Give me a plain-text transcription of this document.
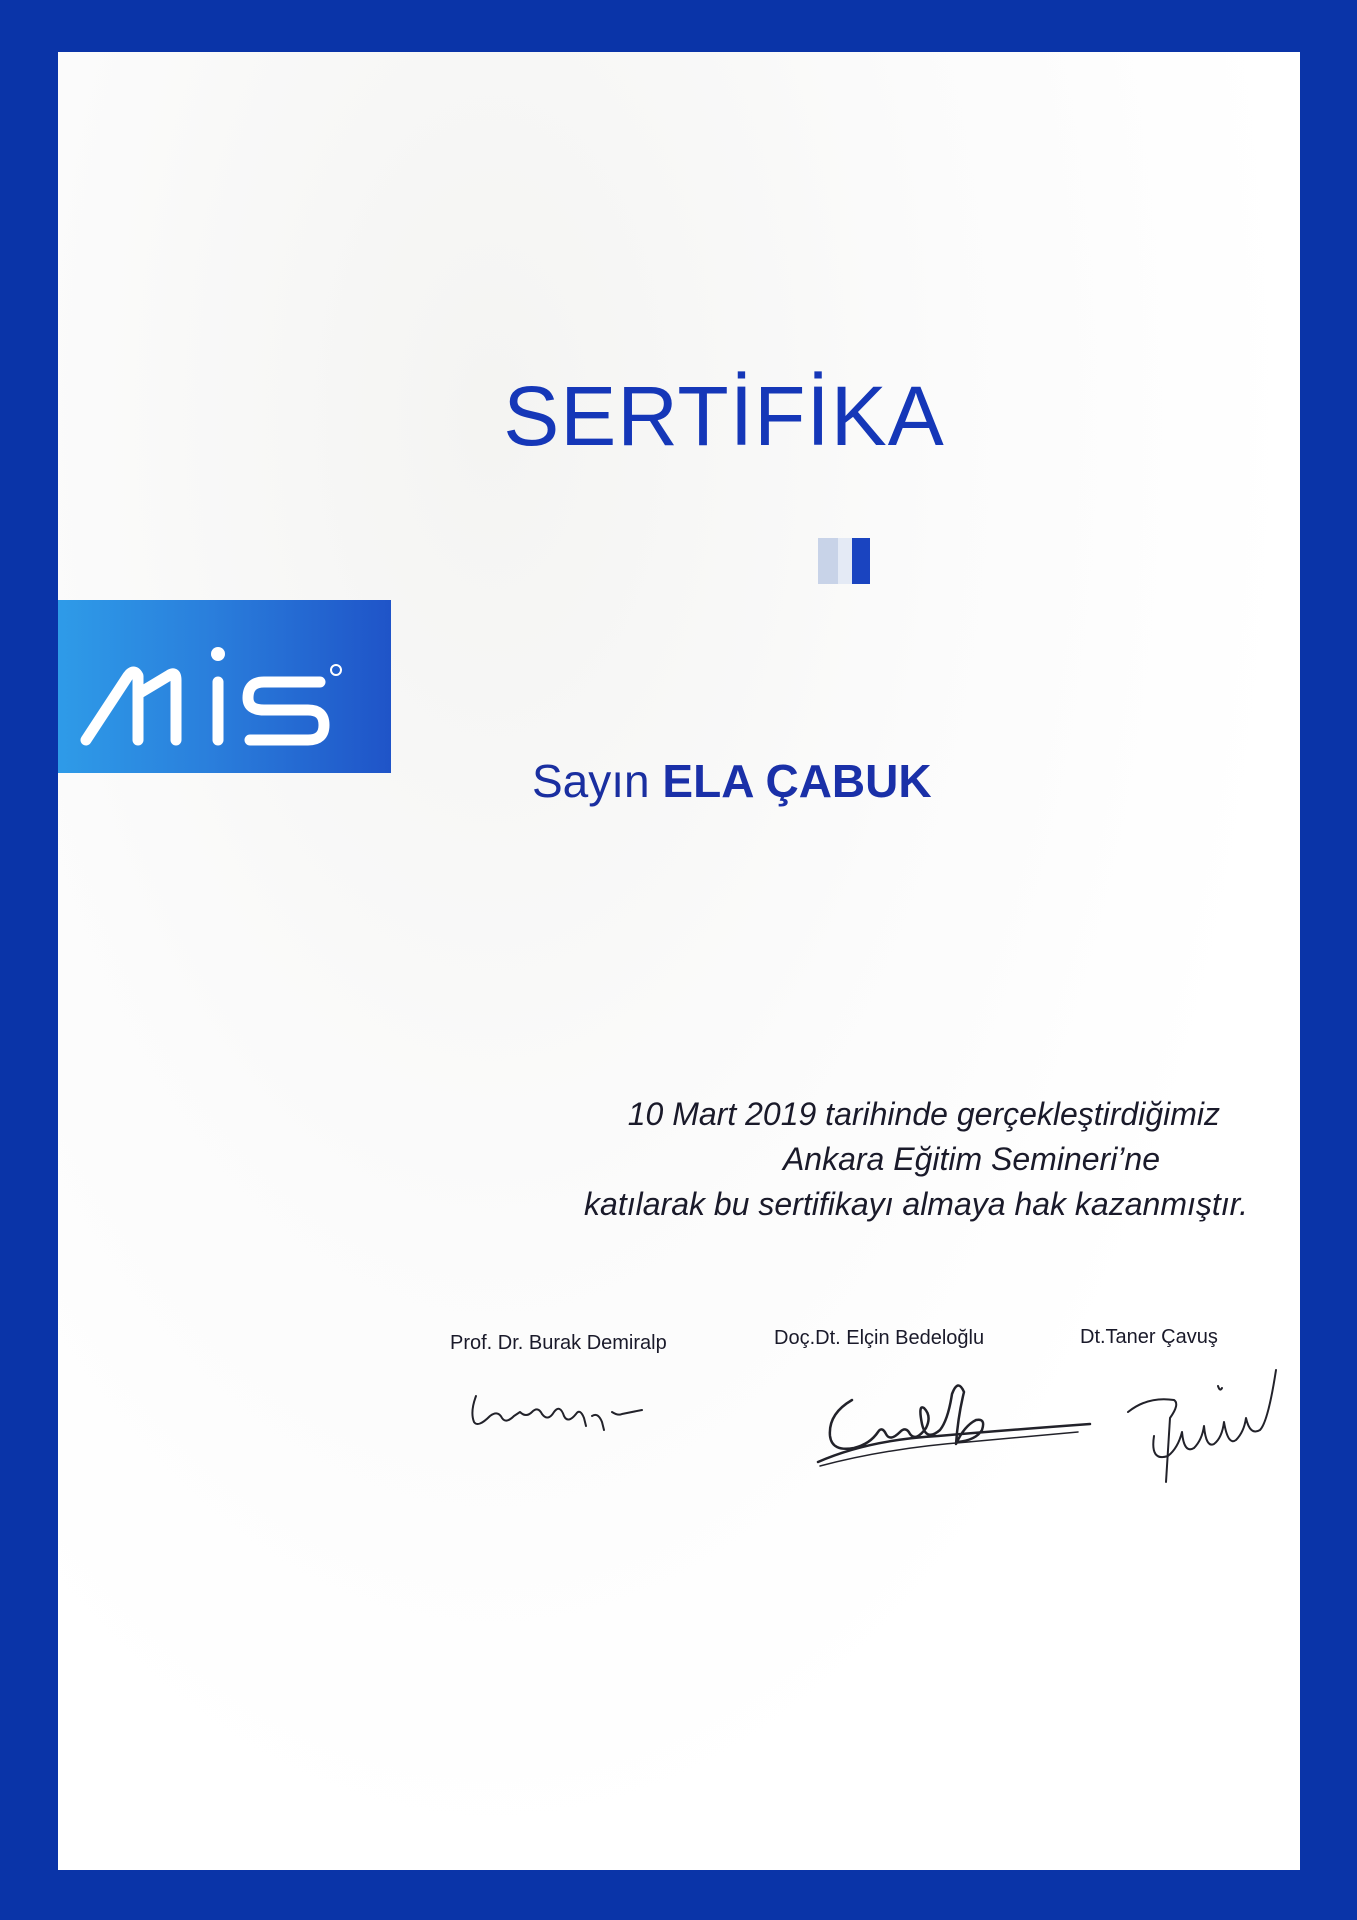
SERTİFİKA
Sayın ELA ÇABUK
10 Mart 2019 tarihinde gerçekleştirdiğimiz
Ankara Eğitim Semineri’ne
katılarak bu sertifikayı almaya hak kazanmıştır.
Prof. Dr. Burak Demiralp	Doç.Dt. Elçin Bedeloğlu	Dt.Taner Çavuş
